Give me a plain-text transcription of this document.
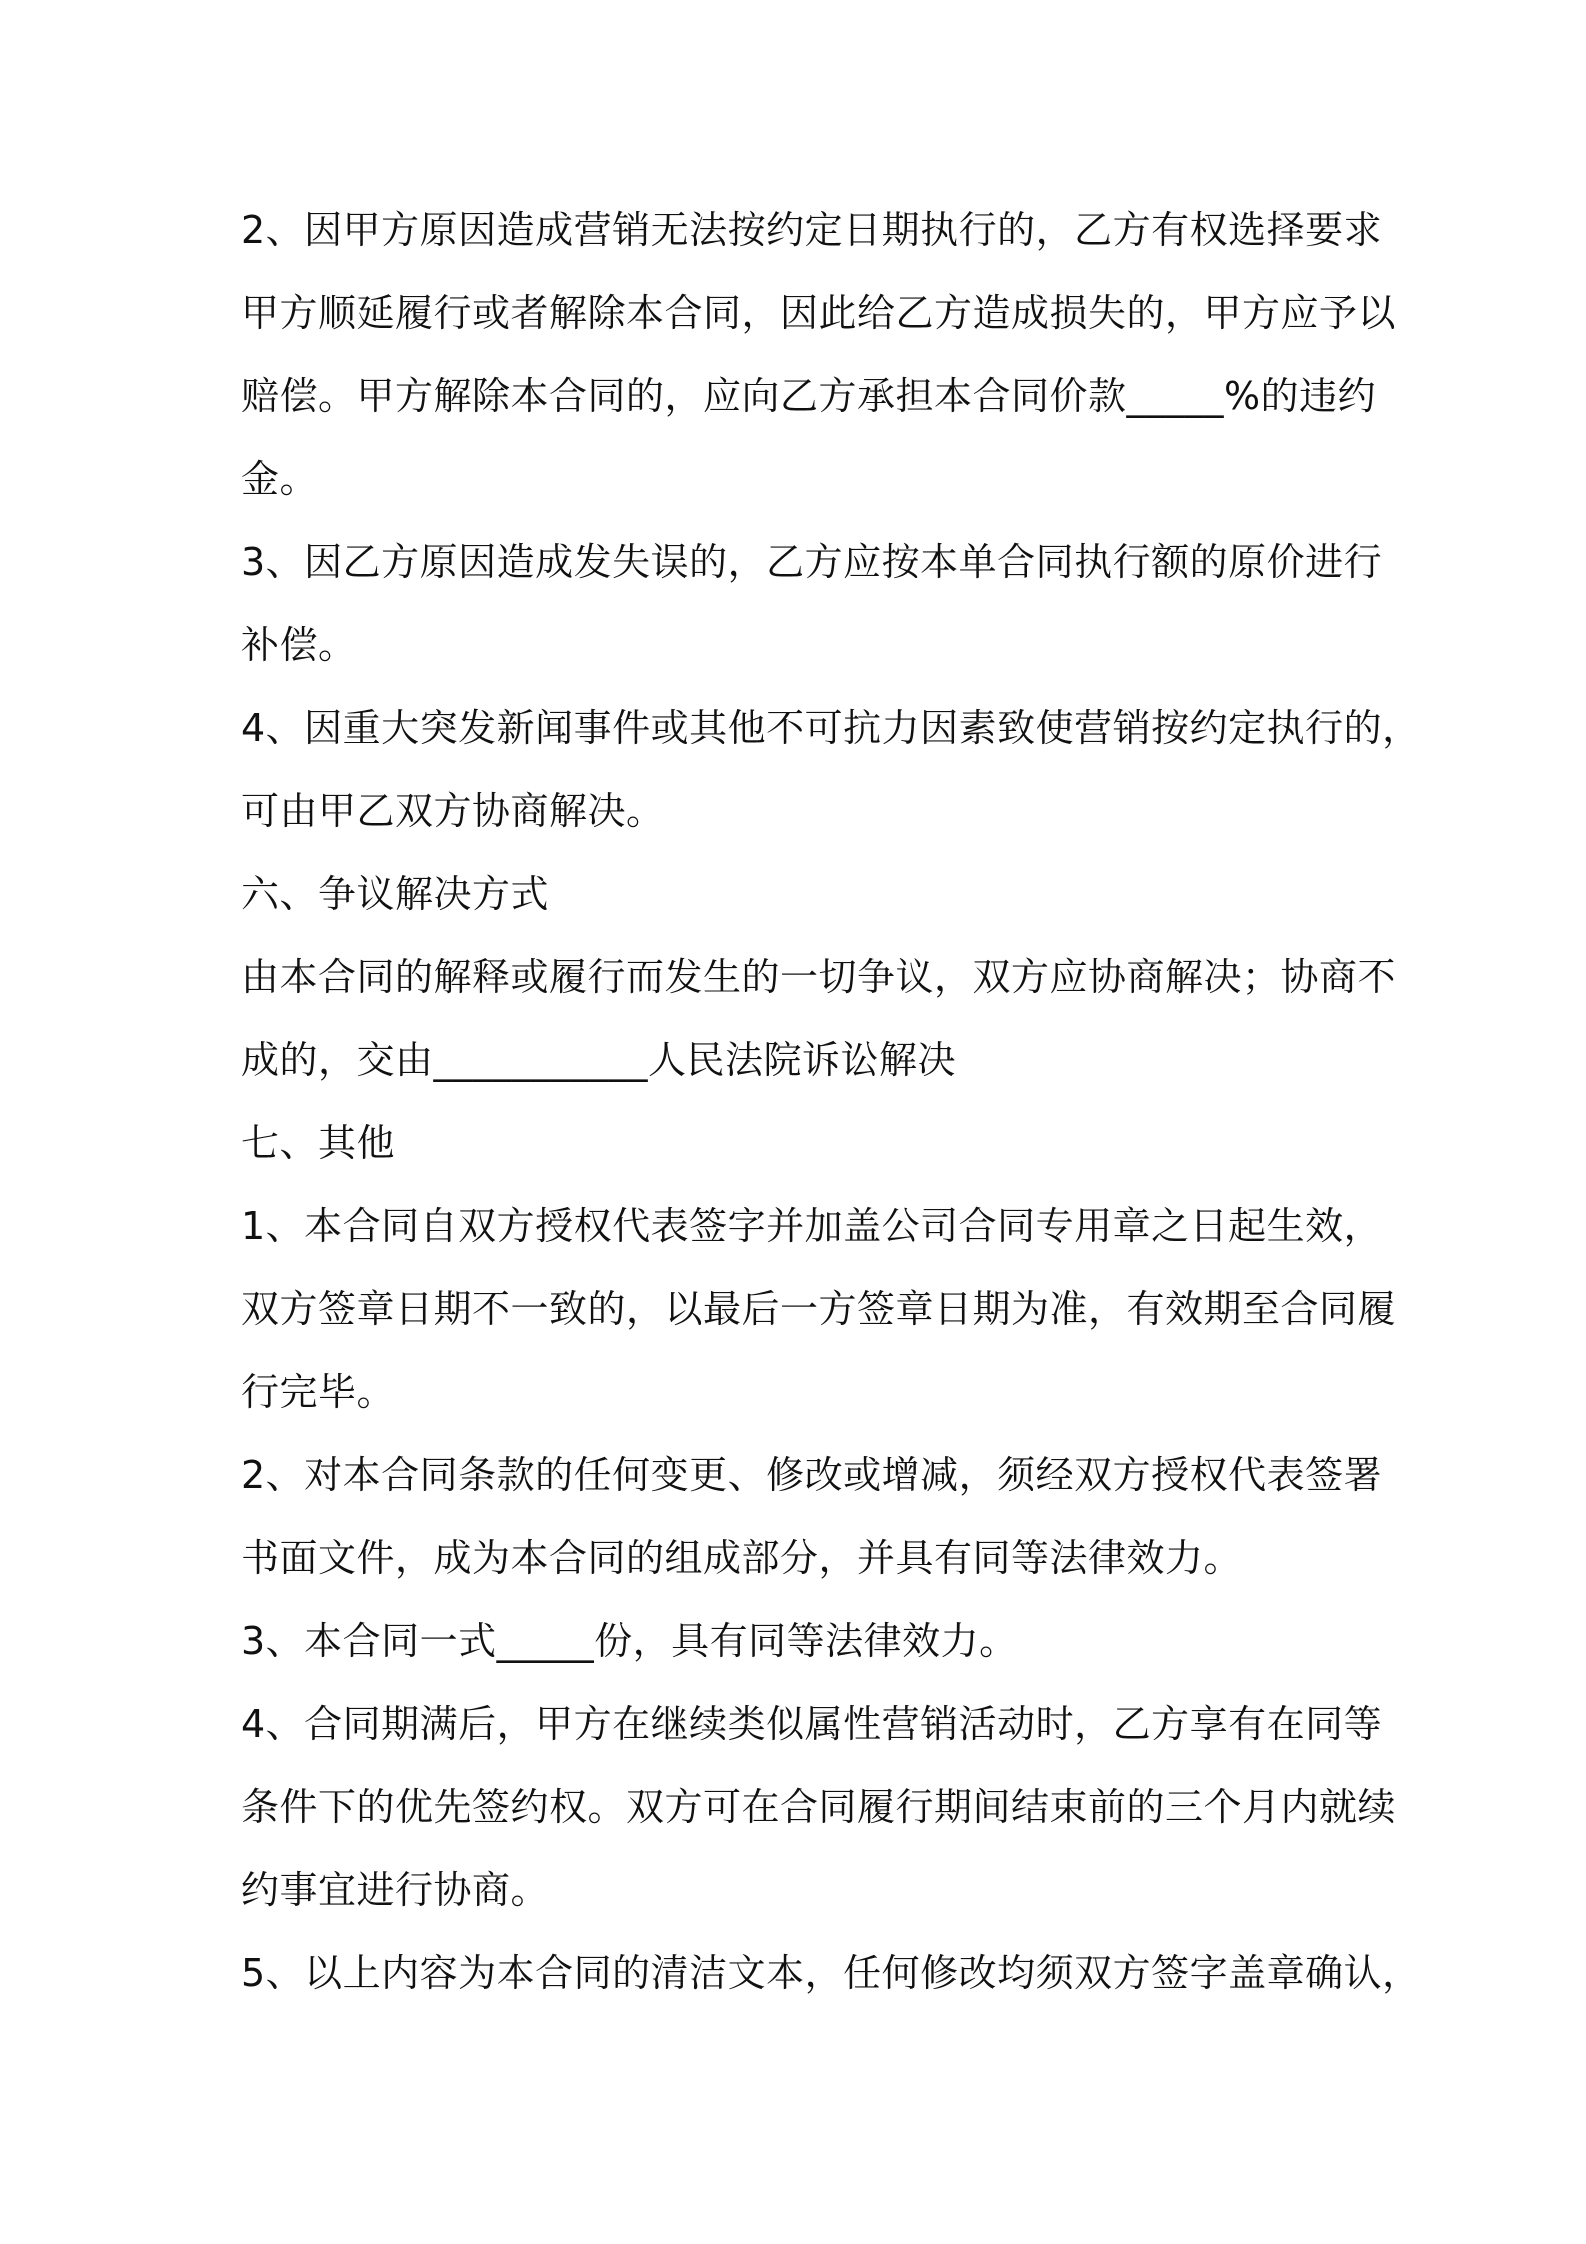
2、因甲方原因造成营销无法按约定日期执行的，乙方有权选择要求

甲方顺延履行或者解除本合同，因此给乙方造成损失的，甲方应予以

赔偿。甲方解除本合同的，应向乙方承担本合同价款_____%的违约

金。

3、因乙方原因造成发失误的，乙方应按本单合同执行额的原价进行

补偿。

4、因重大突发新闻事件或其他不可抗力因素致使营销按约定执行的，

可由甲乙双方协商解决。

六、争议解决方式

由本合同的解释或履行而发生的一切争议，双方应协商解决；协商不

成的，交由___________人民法院诉讼解决

七、其他

1、本合同自双方授权代表签字并加盖公司合同专用章之日起生效，

双方签章日期不一致的，以最后一方签章日期为准，有效期至合同履

行完毕。

2、对本合同条款的任何变更、修改或增减，须经双方授权代表签署

书面文件，成为本合同的组成部分，并具有同等法律效力。

3、本合同一式_____份，具有同等法律效力。

4、合同期满后，甲方在继续类似属性营销活动时，乙方享有在同等

条件下的优先签约权。双方可在合同履行期间结束前的三个月内就续

约事宜进行协商。

5、以上内容为本合同的清洁文本，任何修改均须双方签字盖章确认，
